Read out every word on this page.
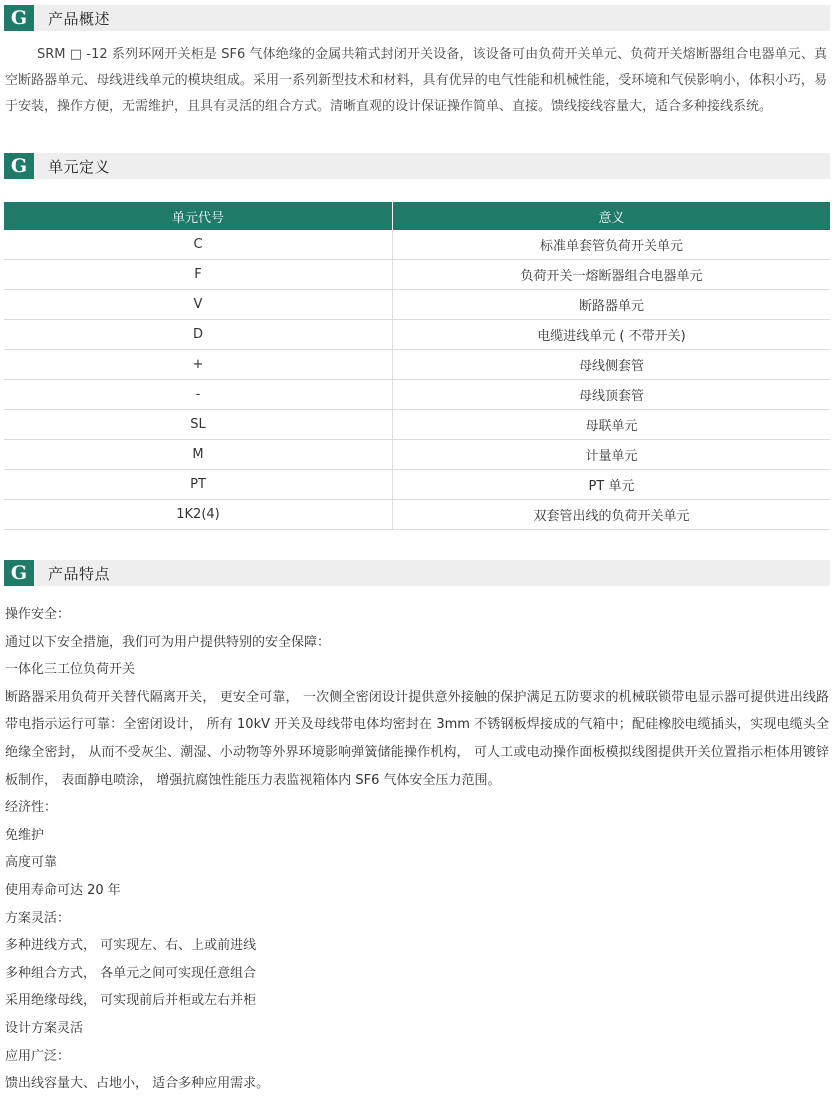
G	产品概述

SRM □ -12 系列环网开关柜是 SF6 气体绝缘的金属共箱式封闭开关设备，该设备可由负荷开关单元、负荷开关熔断器组合电器单元、真空断路器单元、母线进线单元的模块组成。采用一系列新型技术和材料，具有优异的电气性能和机械性能，受环境和气侯影响小，体积小巧，易于安装，操作方便，无需维护，且具有灵活的组合方式。清晰直观的设计保证操作简单、直接。馈线接线容量大，适合多种接线系统。

G	单元定义
单元代号	意义
C	标准单套管负荷开关单元
F	负荷开关一熔断器组合电器单元
V	断路器单元
D	电缆进线单元 ( 不带开关)
+	母线侧套管
-	母线顶套管
SL	母联单元
M	计量单元
PT	PT 单元
1K2(4)	双套管出线的负荷开关单元
G	产品特点

操作安全：

通过以下安全措施，我们可为用户提供特别的安全保障：

一体化三工位负荷开关

断路器采用负荷开关替代隔离开关， 更安全可靠， 一次侧全密闭设计提供意外接触的保护满足五防要求的机械联锁带电显示器可提供进出线路带电指示运行可靠：全密闭设计， 所有 10kV 开关及母线带电体均密封在 3mm 不锈钢板焊接成的气箱中；配硅橡胶电缆插头，实现电缆头全绝缘全密封， 从而不受灰尘、潮湿、小动物等外界环境影响弹簧储能操作机构， 可人工或电动操作面板模拟线图提供开关位置指示柜体用镀锌板制作， 表面静电喷涂， 增强抗腐蚀性能压力表监视箱体内 SF6 气体安全压力范围。

经济性：

免维护

高度可靠

使用寿命可达 20 年

方案灵活：

多种进线方式， 可实现左、右、上或前进线

多种组合方式， 各单元之间可实现任意组合

采用绝缘母线， 可实现前后并柜或左右并柜

设计方案灵活

应用广泛：

馈出线容量大、占地小， 适合多种应用需求。
